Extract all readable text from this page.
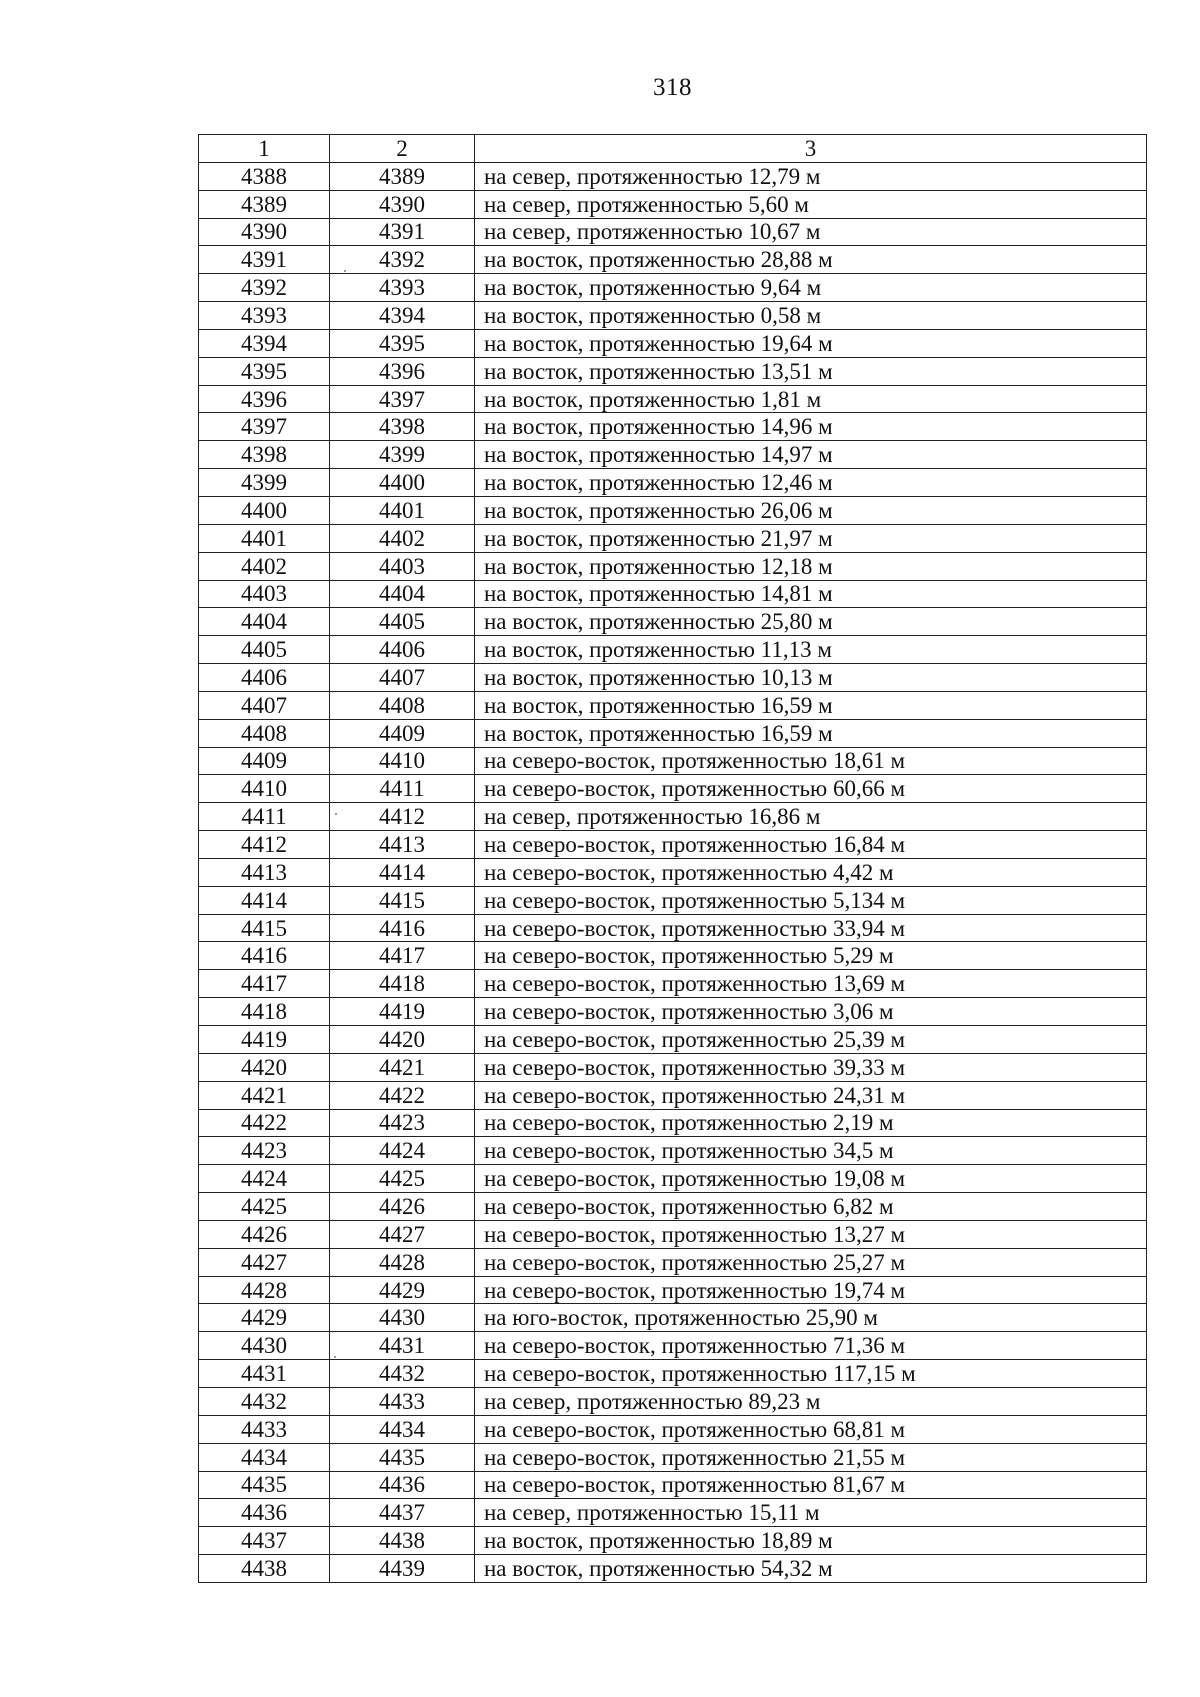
318
1	2	3
4388	4389	на север, протяженностью 12,79 м
4389	4390	на север, протяженностью 5,60 м
4390	4391	на север, протяженностью 10,67 м
4391	4392	на восток, протяженностью 28,88 м
4392	4393	на восток, протяженностью 9,64 м
4393	4394	на восток, протяженностью 0,58 м
4394	4395	на восток, протяженностью 19,64 м
4395	4396	на восток, протяженностью 13,51 м
4396	4397	на восток, протяженностью 1,81 м
4397	4398	на восток, протяженностью 14,96 м
4398	4399	на восток, протяженностью 14,97 м
4399	4400	на восток, протяженностью 12,46 м
4400	4401	на восток, протяженностью 26,06 м
4401	4402	на восток, протяженностью 21,97 м
4402	4403	на восток, протяженностью 12,18 м
4403	4404	на восток, протяженностью 14,81 м
4404	4405	на восток, протяженностью 25,80 м
4405	4406	на восток, протяженностью 11,13 м
4406	4407	на восток, протяженностью 10,13 м
4407	4408	на восток, протяженностью 16,59 м
4408	4409	на восток, протяженностью 16,59 м
4409	4410	на северо-восток, протяженностью 18,61 м
4410	4411	на северо-восток, протяженностью 60,66 м
4411	4412	на север, протяженностью 16,86 м
4412	4413	на северо-восток, протяженностью 16,84 м
4413	4414	на северо-восток, протяженностью 4,42 м
4414	4415	на северо-восток, протяженностью 5,134 м
4415	4416	на северо-восток, протяженностью 33,94 м
4416	4417	на северо-восток, протяженностью 5,29 м
4417	4418	на северо-восток, протяженностью 13,69 м
4418	4419	на северо-восток, протяженностью 3,06 м
4419	4420	на северо-восток, протяженностью 25,39 м
4420	4421	на северо-восток, протяженностью 39,33 м
4421	4422	на северо-восток, протяженностью 24,31 м
4422	4423	на северо-восток, протяженностью 2,19 м
4423	4424	на северо-восток, протяженностью 34,5 м
4424	4425	на северо-восток, протяженностью 19,08 м
4425	4426	на северо-восток, протяженностью 6,82 м
4426	4427	на северо-восток, протяженностью 13,27 м
4427	4428	на северо-восток, протяженностью 25,27 м
4428	4429	на северо-восток, протяженностью 19,74 м
4429	4430	на юго-восток, протяженностью 25,90 м
4430	4431	на северо-восток, протяженностью 71,36 м
4431	4432	на северо-восток, протяженностью 117,15 м
4432	4433	на север, протяженностью 89,23 м
4433	4434	на северо-восток, протяженностью 68,81 м
4434	4435	на северо-восток, протяженностью 21,55 м
4435	4436	на северо-восток, протяженностью 81,67 м
4436	4437	на север, протяженностью 15,11 м
4437	4438	на восток, протяженностью 18,89 м
4438	4439	на восток, протяженностью 54,32 м
